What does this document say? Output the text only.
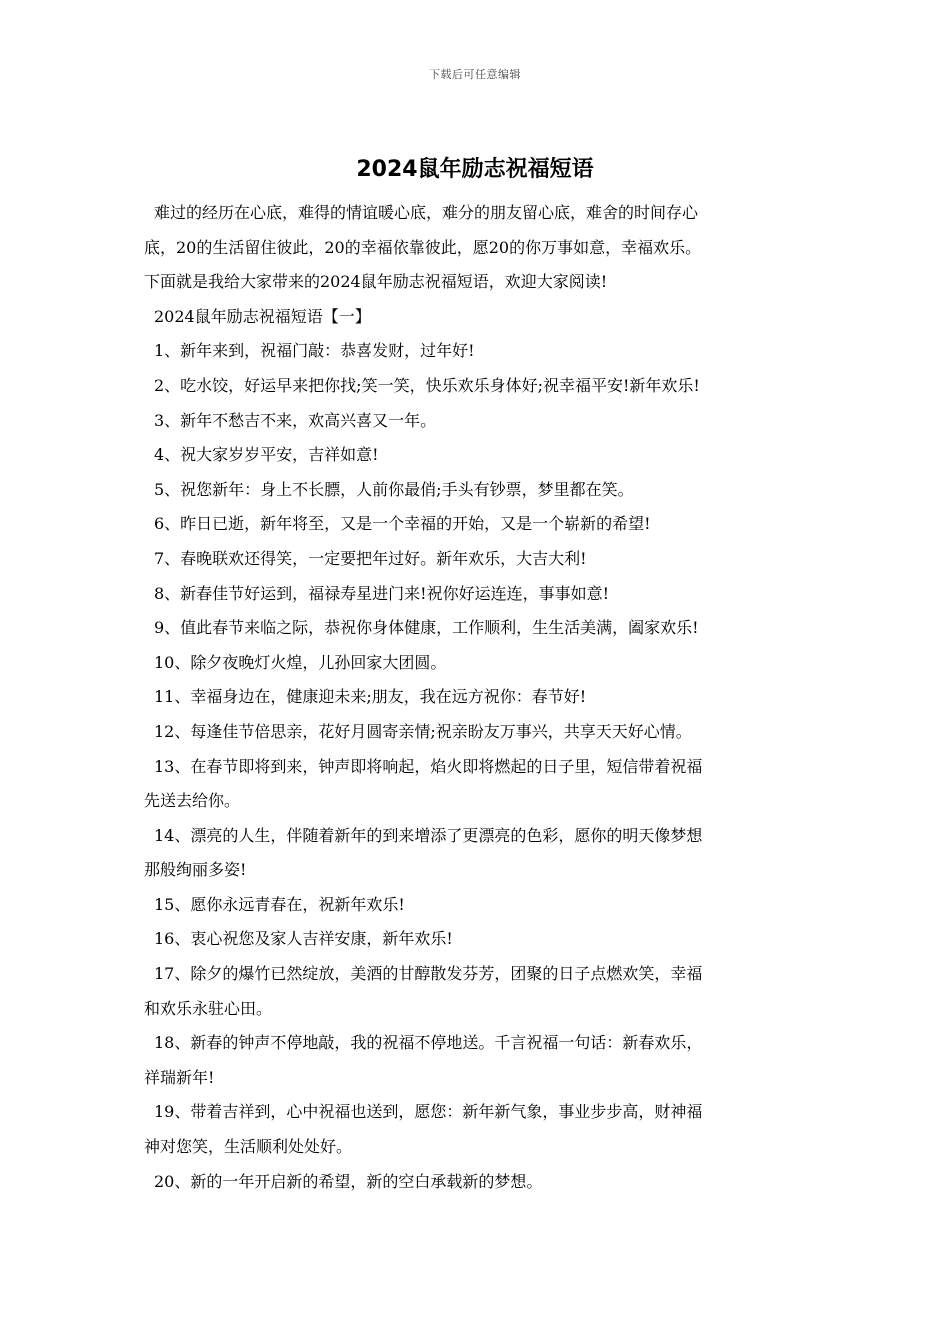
下载后可任意编辑
2024鼠年励志祝福短语

难过的经历在心底，难得的情谊暖心底，难分的朋友留心底，难舍的时间存心

底，20的生活留住彼此，20的幸福依靠彼此，愿20的你万事如意，幸福欢乐。

下面就是我给大家带来的2024鼠年励志祝福短语，欢迎大家阅读!

2024鼠年励志祝福短语【一】

1、新年来到，祝福门敲：恭喜发财，过年好!

2、吃水饺，好运早来把你找;笑一笑，快乐欢乐身体好;祝幸福平安!新年欢乐!

3、新年不愁吉不来，欢高兴喜又一年。

4、祝大家岁岁平安，吉祥如意!

5、祝您新年：身上不长膘，人前你最俏;手头有钞票，梦里都在笑。

6、昨日已逝，新年将至，又是一个幸福的开始，又是一个崭新的希望!

7、春晚联欢还得笑，一定要把年过好。新年欢乐，大吉大利!

8、新春佳节好运到，福禄寿星进门来!祝你好运连连，事事如意!

9、值此春节来临之际，恭祝你身体健康，工作顺利，生生活美满，阖家欢乐!

10、除夕夜晚灯火煌，儿孙回家大团圆。

11、幸福身边在，健康迎未来;朋友，我在远方祝你：春节好!

12、每逢佳节倍思亲，花好月圆寄亲情;祝亲盼友万事兴，共享天天好心情。

13、在春节即将到来，钟声即将响起，焰火即将燃起的日子里，短信带着祝福

先送去给你。

14、漂亮的人生，伴随着新年的到来增添了更漂亮的色彩，愿你的明天像梦想

那般绚丽多姿!

15、愿你永远青春在，祝新年欢乐!

16、衷心祝您及家人吉祥安康，新年欢乐!

17、除夕的爆竹已然绽放，美酒的甘醇散发芬芳，团聚的日子点燃欢笑，幸福

和欢乐永驻心田。

18、新春的钟声不停地敲，我的祝福不停地送。千言祝福一句话：新春欢乐，

祥瑞新年!

19、带着吉祥到，心中祝福也送到，愿您：新年新气象，事业步步高，财神福

神对您笑，生活顺利处处好。

20、新的一年开启新的希望，新的空白承载新的梦想。
